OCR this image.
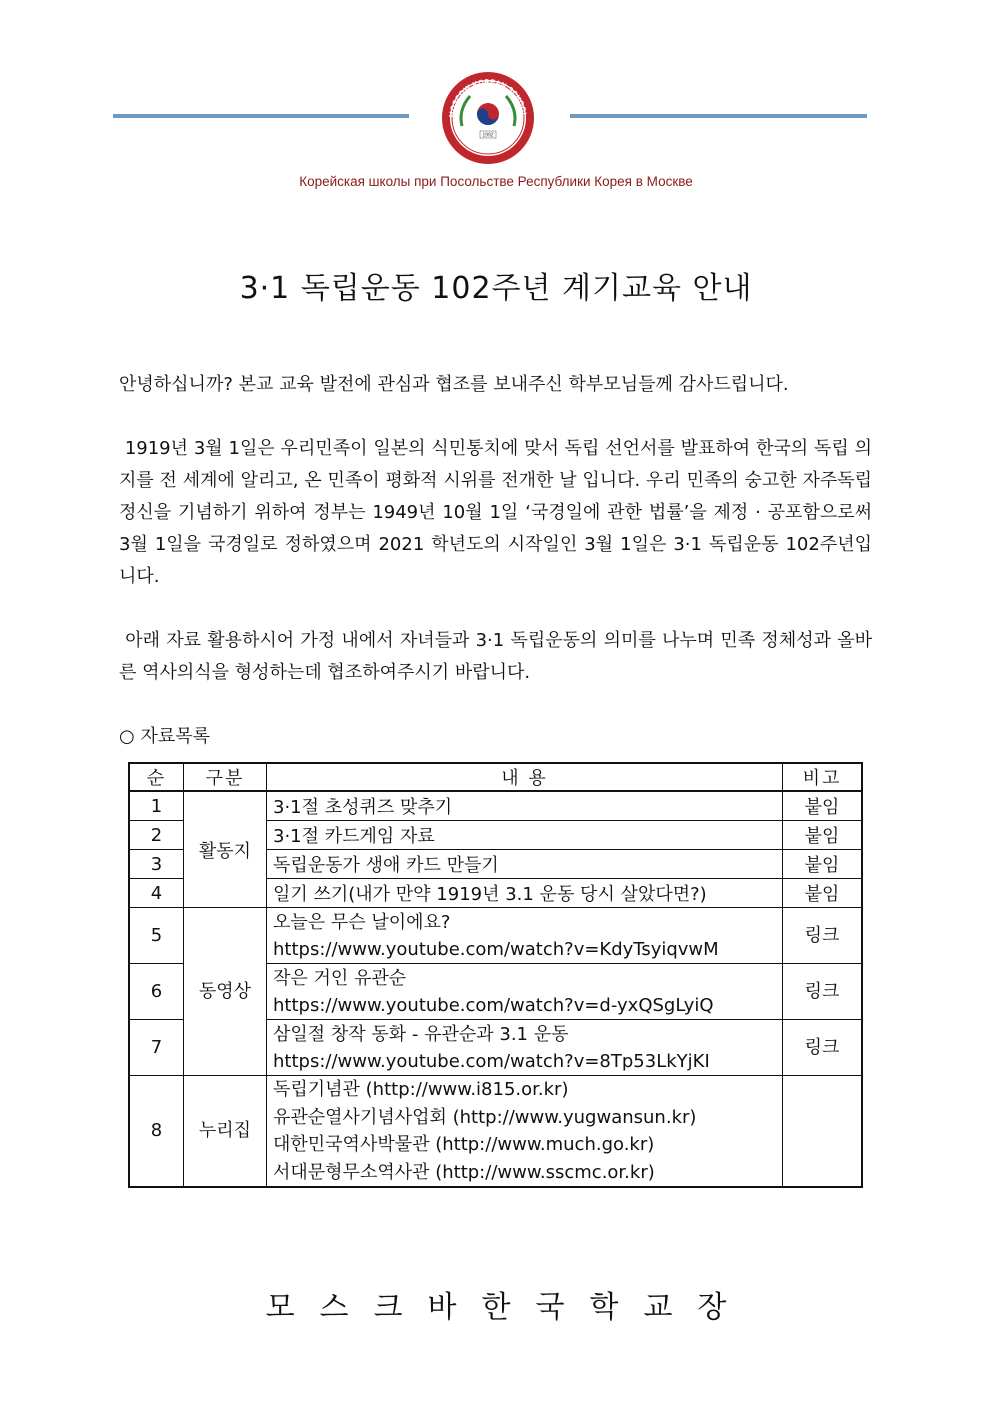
MOSCOW KOREAN SCHOOL
1992
Корейская школы при Посольстве Республики Корея в Москве
3·1 독립운동 102주년 계기교육 안내

안녕하십니까? 본교 교육 발전에 관심과 협조를 보내주신 학부모님들께 감사드립니다.

1919년 3월 1일은 우리민족이 일본의 식민통치에 맞서 독립 선언서를 발표하여 한국의 독립 의지를 전 세계에 알리고, 온 민족이 평화적 시위를 전개한 날 입니다. 우리 민족의 숭고한 자주독립정신을 기념하기 위하여 정부는 1949년 10월 1일 ‘국경일에 관한 법률’을 제정 · 공포함으로써 3월 1일을 국경일로 정하였으며 2021 학년도의 시작일인 3월 1일은 3·1 독립운동 102주년입니다.

아래 자료 활용하시어 가정 내에서 자녀들과 3·1 독립운동의 의미를 나누며 민족 정체성과 올바른 역사의식을 형성하는데 협조하여주시기 바랍니다.

○ 자료목록
순	구분	내 용	비고
1	활동지	3·1절 초성퀴즈 맞추기	붙임
2		3·1절 카드게임 자료	붙임
3		독립운동가 생애 카드 만들기	붙임
4		일기 쓰기(내가 만약 1919년 3.1 운동 당시 살았다면?)	붙임
5	동영상	오늘은 무슨 날이에요?
https://www.youtube.com/watch?v=KdyTsyiqvwM	링크
6		작은 거인 유관순
https://www.youtube.com/watch?v=d-yxQSgLyiQ	링크
7		삼일절 창작 동화 - 유관순과 3.1 운동
https://www.youtube.com/watch?v=8Tp53LkYjKI	링크
8	누리집	독립기념관 (http://www.i815.or.kr)
유관순열사기념사업회 (http://www.yugwansun.kr)
대한민국역사박물관 (http://www.much.go.kr)
서대문형무소역사관 (http://www.sscmc.or.kr)	

모스크바한국학교장
